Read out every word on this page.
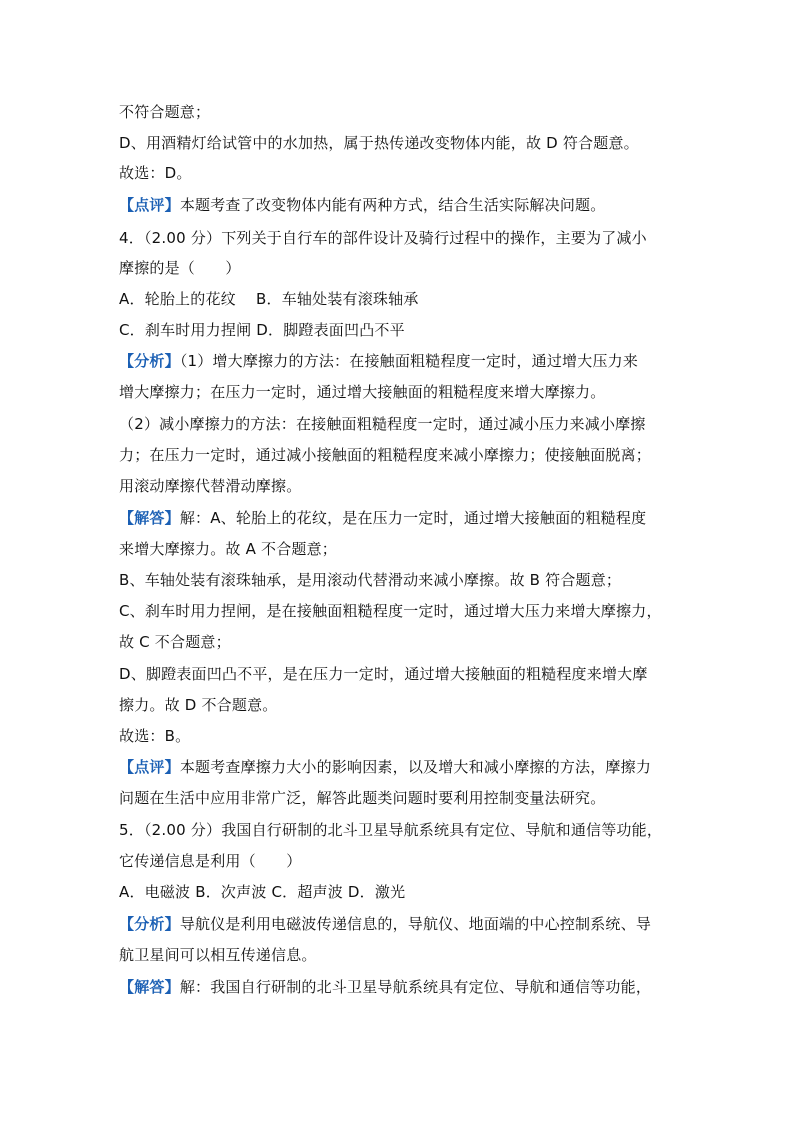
不符合题意；
D、用酒精灯给试管中的水加热，属于热传递改变物体内能，故 D 符合题意。
故选：D。
【点评】本题考查了改变物体内能有两种方式，结合生活实际解决问题。
4．（2.00 分）下列关于自行车的部件设计及骑行过程中的操作，主要为了减小
摩擦的是（　　）
A．轮胎上的花纹　 B．车轴处装有滚珠轴承
C．刹车时用力捏闸 D．脚蹬表面凹凸不平
【分析】（1）增大摩擦力的方法：在接触面粗糙程度一定时，通过增大压力来
增大摩擦力；在压力一定时，通过增大接触面的粗糙程度来增大摩擦力。
（2）减小摩擦力的方法：在接触面粗糙程度一定时，通过减小压力来减小摩擦
力；在压力一定时，通过减小接触面的粗糙程度来减小摩擦力；使接触面脱离；
用滚动摩擦代替滑动摩擦。
【解答】解：A、轮胎上的花纹，是在压力一定时，通过增大接触面的粗糙程度
来增大摩擦力。故 A 不合题意；
B、车轴处装有滚珠轴承，是用滚动代替滑动来减小摩擦。故 B 符合题意；
C、刹车时用力捏闸，是在接触面粗糙程度一定时，通过增大压力来增大摩擦力，
故 C 不合题意；
D、脚蹬表面凹凸不平，是在压力一定时，通过增大接触面的粗糙程度来增大摩
擦力。故 D 不合题意。
故选：B。
【点评】本题考查摩擦力大小的影响因素，以及增大和减小摩擦的方法，摩擦力
问题在生活中应用非常广泛，解答此题类问题时要利用控制变量法研究。
5．（2.00 分）我国自行研制的北斗卫星导航系统具有定位、导航和通信等功能，
它传递信息是利用（　　）
A．电磁波 B．次声波 C．超声波 D．激光
【分析】导航仪是利用电磁波传递信息的，导航仪、地面端的中心控制系统、导
航卫星间可以相互传递信息。
【解答】解：我国自行研制的北斗卫星导航系统具有定位、导航和通信等功能，
